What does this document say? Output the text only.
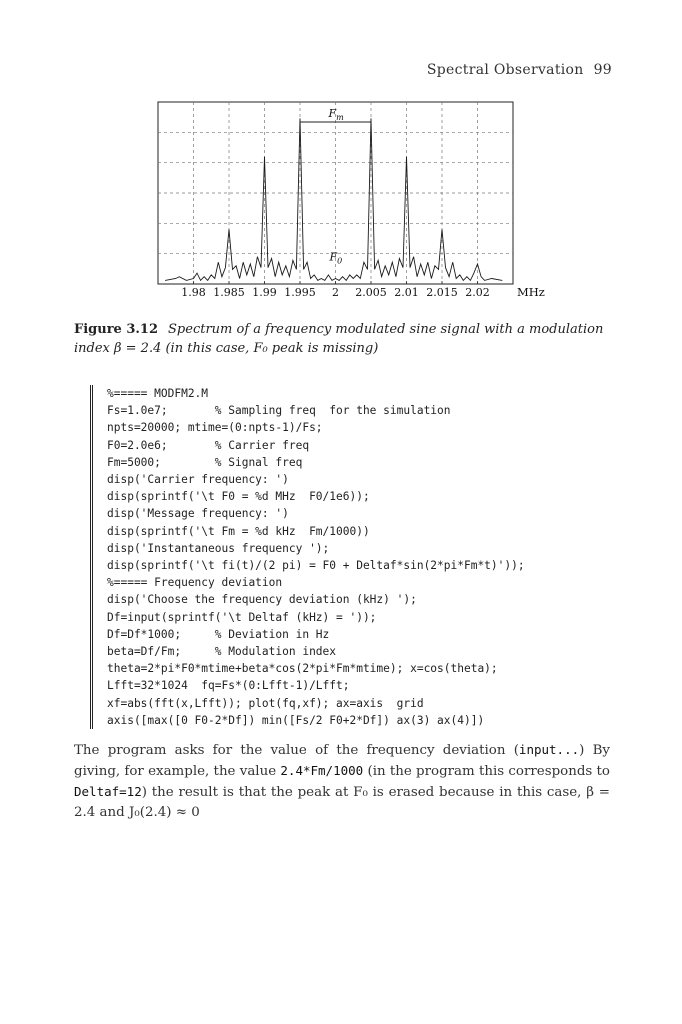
Spectral Observation 99
1.98 1.985 1.99 1.995 2 2.005 2.01 2.015 2.02 MHz
$F_m$
$F_0$
Figure 3.12 Spectrum of a frequency modulated sine signal with a modulation index β = 2.4 (in this case, F₀ peak is missing)
%===== MODFM2.M
Fs=1.0e7;       % Sampling freq  for the simulation
npts=20000; mtime=(0:npts-1)/Fs;
F0=2.0e6;       % Carrier freq
Fm=5000;        % Signal freq
disp('Carrier frequency: ')
disp(sprintf('\t F0 = %d MHz  F0/1e6));
disp('Message frequency: ')
disp(sprintf('\t Fm = %d kHz  Fm/1000))
disp('Instantaneous frequency ');
disp(sprintf('\t fi(t)/(2 pi) = F0 + Deltaf*sin(2*pi*Fm*t)'));
%===== Frequency deviation
disp('Choose the frequency deviation (kHz) ');
Df=input(sprintf('\t Deltaf (kHz) = '));
Df=Df*1000;     % Deviation in Hz
beta=Df/Fm;     % Modulation index
theta=2*pi*F0*mtime+beta*cos(2*pi*Fm*mtime); x=cos(theta);
Lfft=32*1024  fq=Fs*(0:Lfft-1)/Lfft;
xf=abs(fft(x,Lfft)); plot(fq,xf); ax=axis  grid
axis([max([0 F0-2*Df]) min([Fs/2 F0+2*Df]) ax(3) ax(4)])

The program asks for the value of the frequency deviation (input...) By giving, for example, the value 2.4*Fm/1000 (in the program this corresponds to Deltaf=12) the result is that the peak at F₀ is erased because in this case, β = 2.4 and J₀(2.4) ≈ 0
